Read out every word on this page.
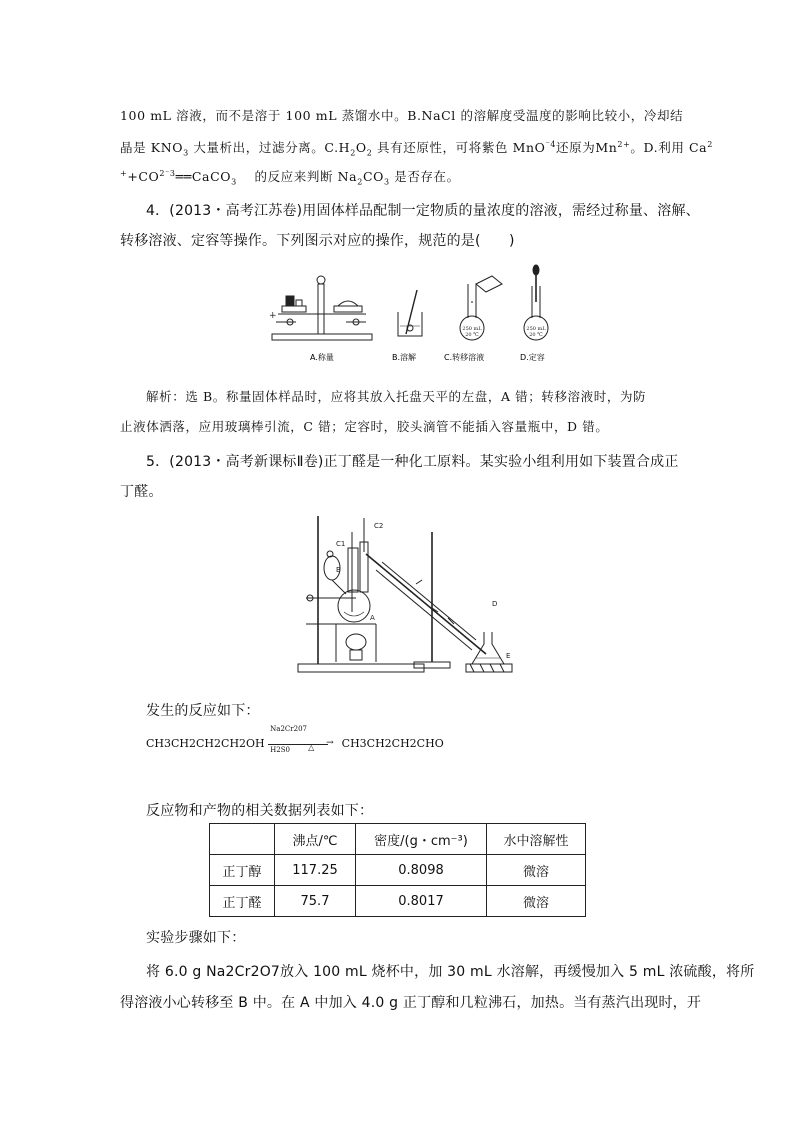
100 mL 溶液，而不是溶于 100 mL 蒸馏水中。B.NaCl 的溶解度受温度的影响比较小，冷却结
晶是 $KNO_3$ 大量析出，过滤分离。$C.H_2O_2$ 具有还原性，可将紫色 MnO$^{^-4}$还原为$Mn^{2+}$。D.利用 Ca$^2$
$^++CO^{2^-3}══CaCO_3$　 的反应来判断 $Na_2CO_3$ 是否存在。
4．(2013・高考江苏卷)用固体样品配制一定物质的量浓度的溶液，需经过称量、溶解、
转移溶液、定容等操作。下列图示对应的操作，规范的是(　　)
+
250 mL
20 ℃
250 mL
20 ℃
A.称量	B.溶解	C.转移溶液	D.定容
解析：选 B。称量固体样品时，应将其放入托盘天平的左盘，A 错；转移溶液时，为防
止液体洒落，应用玻璃棒引流，C 错；定容时，胶头滴管不能插入容量瓶中，D 错。
5．(2013・高考新课标Ⅱ卷)正丁醛是一种化工原料。某实验小组利用如下装置合成正
丁醛。
C1
C2
B
A
D
E
发生的反应如下：
CH3CH2CH2CH2OH
Na2Cr207
→
H2S0 △ CH3CH2CH2CHO
反应物和产物的相关数据列表如下：
	沸点/℃	密度/(g・cm⁻³)	水中溶解性
正丁醇	117.25	0.8098	微溶
正丁醛	75.7	0.8017	微溶
实验步骤如下：
将 6.0 g Na2Cr2O7放入 100 mL 烧杯中，加 30 mL 水溶解，再缓慢加入 5 mL 浓硫酸，将所
得溶液小心转移至 B 中。在 A 中加入 4.0 g 正丁醇和几粒沸石，加热。当有蒸汽出现时，开
